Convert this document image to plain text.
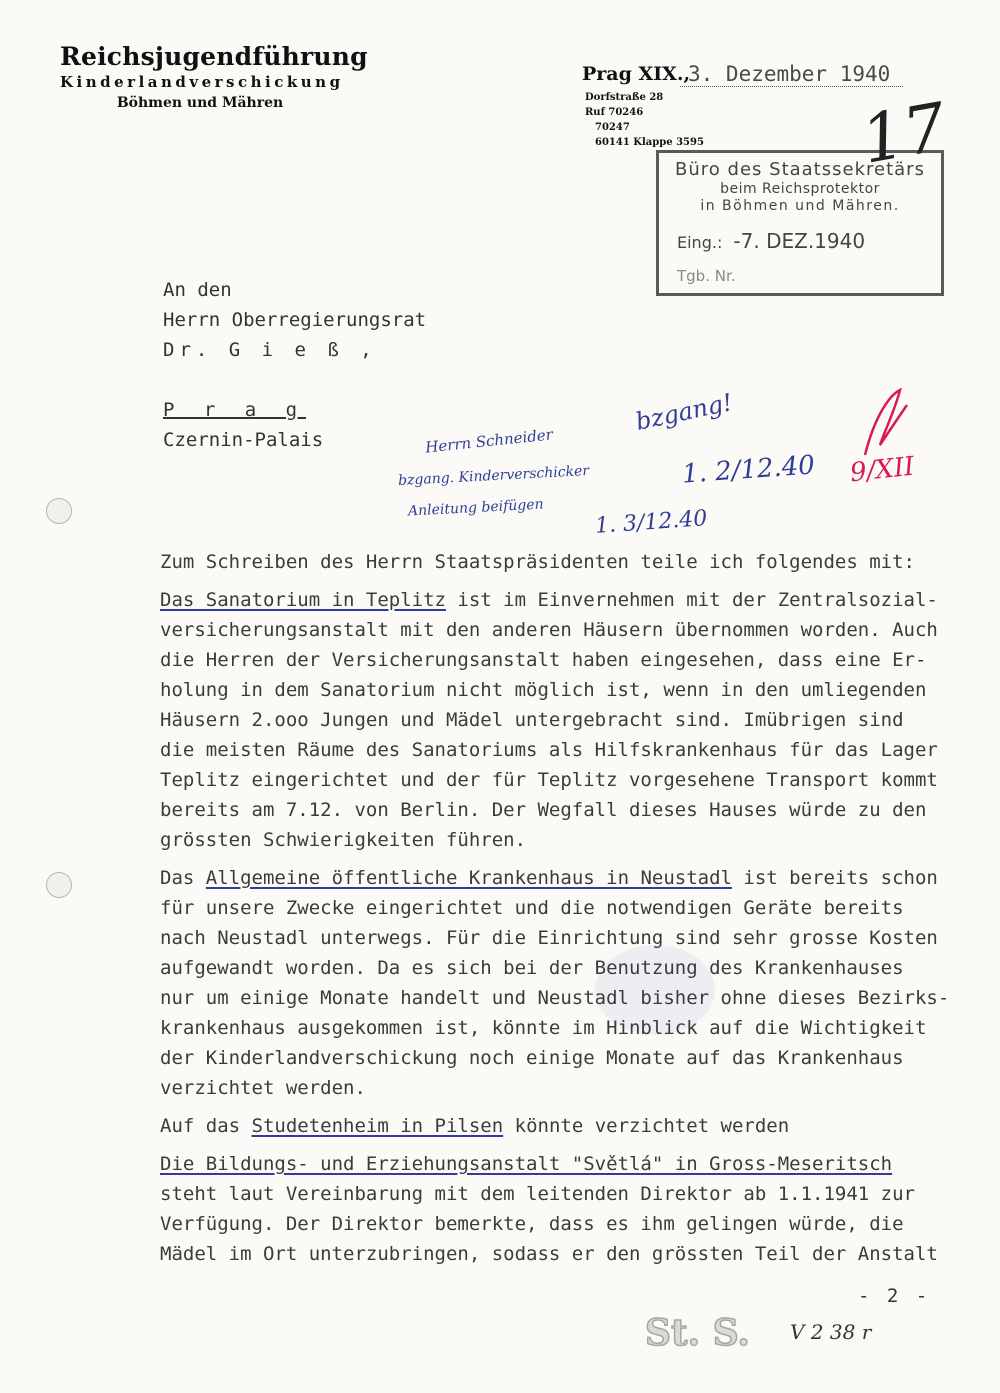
Reichsjugendführung
Kinderlandverschickung
Böhmen und Mähren
Prag XIX.,
3. Dezember 1940
Dorfstraße 28
Ruf 70246
70247
60141 Klappe 3595
Büro des Staatssekretärs
beim Reichsprotektor
in Böhmen und Mähren.
Eing.: -7. DEZ.1940
Tgb. Nr.
17
An den
Herrn Oberregierungsrat
Dr. G i e ß ,
P r a g
Czernin-Palais
bzgang!
Herrn Schneider
bzgang. Kinderverschicker
Anleitung beifügen
1. 2/12.40
1. 3/12.40
9/XII

Zum Schreiben des Herrn Staatspräsidenten teile ich folgendes mit:

Das Sanatorium in Teplitz ist im Einvernehmen mit der Zentralsozial-
versicherungsanstalt mit den anderen Häusern übernommen worden. Auch
die Herren der Versicherungsanstalt haben eingesehen, dass eine Er-
holung in dem Sanatorium nicht möglich ist, wenn in den umliegenden
Häusern 2.ooo Jungen und Mädel untergebracht sind. Imübrigen sind
die meisten Räume des Sanatoriums als Hilfskrankenhaus für das Lager
Teplitz eingerichtet und der für Teplitz vorgesehene Transport kommt
bereits am 7.12. von Berlin. Der Wegfall dieses Hauses würde zu den
grössten Schwierigkeiten führen.

Das Allgemeine öffentliche Krankenhaus in Neustadl ist bereits schon
für unsere Zwecke eingerichtet und die notwendigen Geräte bereits
nach Neustadl unterwegs. Für die Einrichtung sind sehr grosse Kosten
aufgewandt worden. Da es sich bei der Benutzung des Krankenhauses
nur um einige Monate handelt und Neustadl bisher ohne dieses Bezirks-
krankenhaus ausgekommen ist, könnte im Hinblick auf die Wichtigkeit
der Kinderlandverschickung noch einige Monate auf das Krankenhaus
verzichtet werden.

Auf das Studetenheim in Pilsen könnte verzichtet werden

Die Bildungs- und Erziehungsanstalt "Světlá" in Gross-Meseritsch
steht laut Vereinbarung mit dem leitenden Direktor ab 1.1.1941 zur
Verfügung. Der Direktor bemerkte, dass es ihm gelingen würde, die
Mädel im Ort unterzubringen, sodass er den grössten Teil der Anstalt

- 2 -
St. S. V 2 38 r
